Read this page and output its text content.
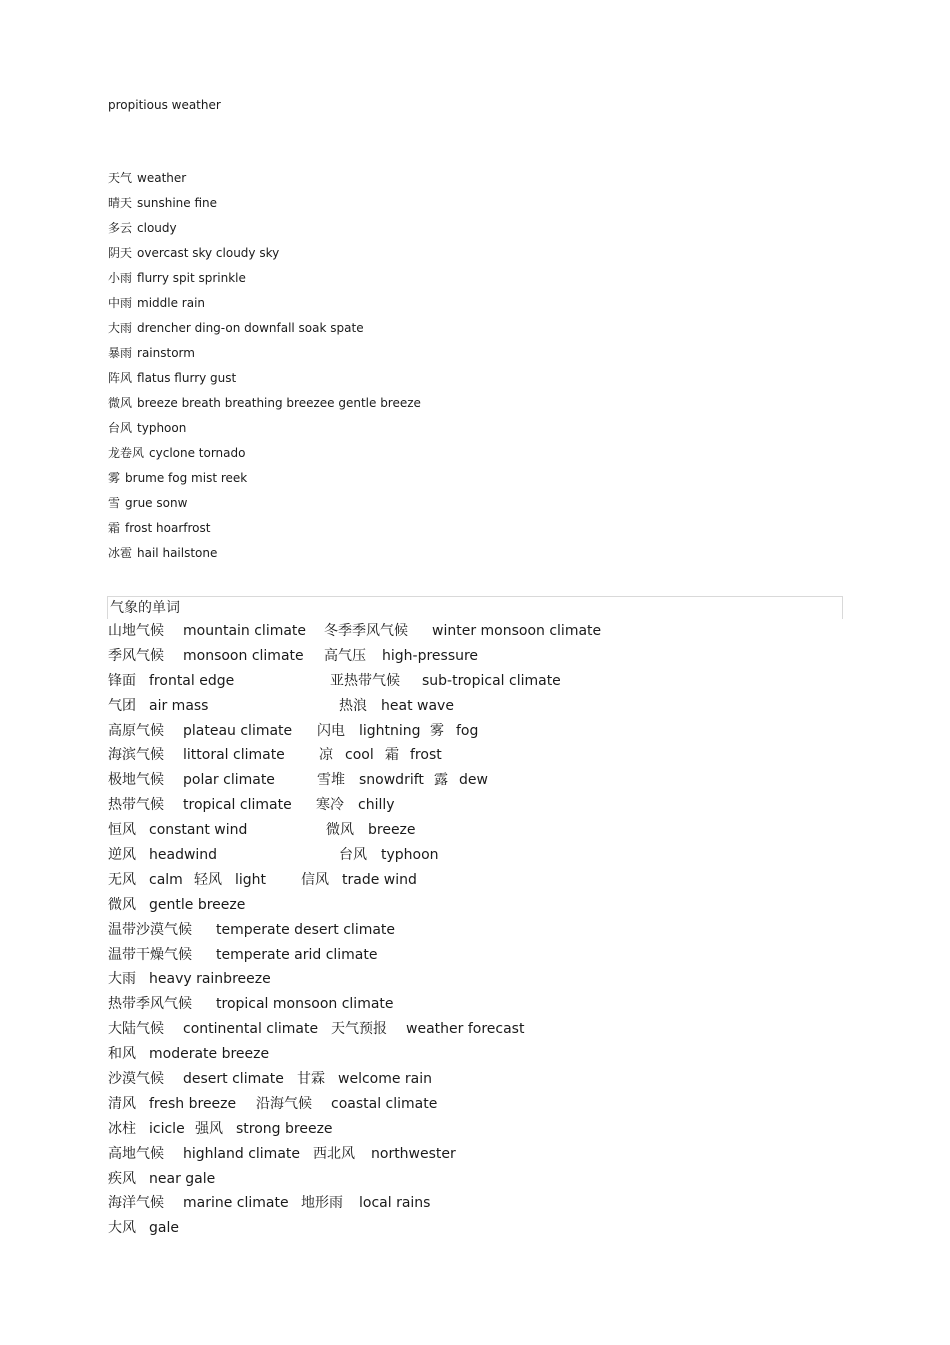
propitious weather
天气 weather
晴天 sunshine fine
多云 cloudy
阴天 overcast sky cloudy sky
小雨 flurry spit sprinkle
中雨 middle rain
大雨 drencher ding-on downfall soak spate
暴雨 rainstorm
阵风 flatus flurry gust
微风 breeze breath breathing breezee gentle breeze
台风 typhoon
龙卷风 cyclone tornado
雾 brume fog mist reek
雪 grue sonw
霜 frost hoarfrost
冰雹 hail hailstone
气象的单词
山地气候 mountain climate 冬季季风气候 winter monsoon climate
季风气候 monsoon climate 高气压 high-pressure
锋面 frontal edge	亚热带气候 sub-tropical climate
气团 air mass	热浪 heat wave
高原气候 plateau climate 闪电 lightning 雾 fog
海滨气候 littoral climate 凉 cool 霜 frost
极地气候 polar climate	雪堆 snowdrift 露 dew
热带气候 tropical climate 寒冷 chilly
恒风 constant wind	微风 breeze
逆风 headwind	台风 typhoon
无风 calm 轻风 light 信风 trade wind
微风 gentle breeze
温带沙漠气候 temperate desert climate
温带干燥气候 temperate arid climate
大雨 heavy rainbreeze
热带季风气候 tropical monsoon climate
大陆气候 continental climate 天气预报 weather forecast
和风 moderate breeze
沙漠气候 desert climate 甘霖 welcome rain
清风 fresh breeze 沿海气候 coastal climate
冰柱 icicle 强风 strong breeze
高地气候 highland climate 西北风 northwester
疾风 near gale
海洋气候 marine climate 地形雨 local rains
大风 gale
